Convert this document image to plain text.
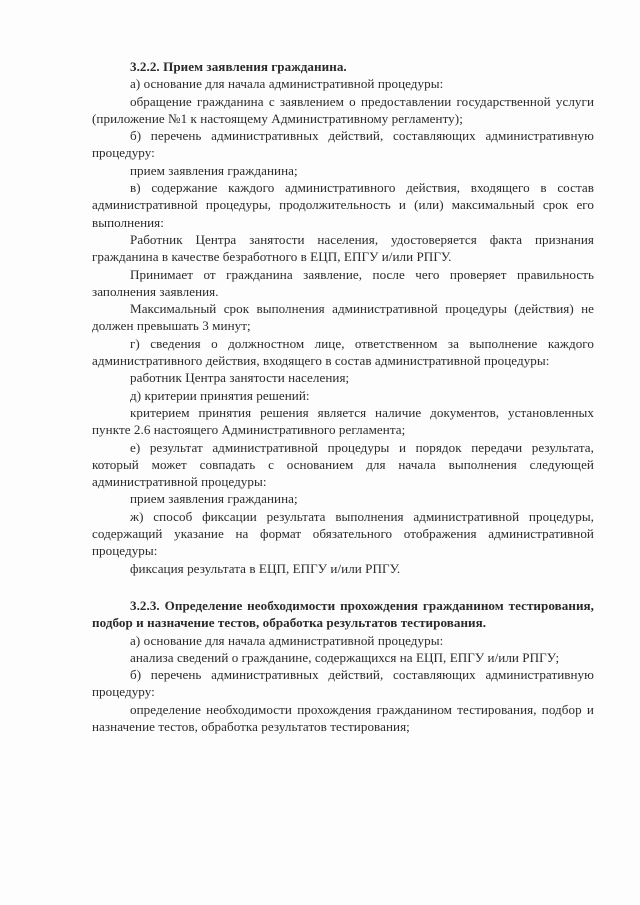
3.2.2. Прием заявления гражданина.

а) основание для начала административной процедуры:

обращение гражданина с заявлением о предоставлении государственной услуги (приложение №1 к настоящему Административному регламенту);

б) перечень административных действий, составляющих административную процедуру:

прием заявления гражданина;

в) содержание каждого административного действия, входящего в состав административной процедуры, продолжительность и (или) максимальный срок его выполнения:

Работник Центра занятости населения, удостоверяется факта признания гражданина в качестве безработного в ЕЦП, ЕПГУ и/или РПГУ.

Принимает от гражданина заявление, после чего проверяет правильность заполнения заявления.

Максимальный срок выполнения административной процедуры (действия) не должен превышать 3 минут;

г) сведения о должностном лице, ответственном за выполнение каждого административного действия, входящего в состав административной процедуры:

работник Центра занятости населения;

д) критерии принятия решений:

критерием принятия решения является наличие документов, установленных пункте 2.6 настоящего Административного регламента;

е) результат административной процедуры и порядок передачи результата, который может совпадать с основанием для начала выполнения следующей административной процедуры:

прием заявления гражданина;

ж) способ фиксации результата выполнения административной процедуры, содержащий указание на формат обязательного отображения административной процедуры:

фиксация результата в ЕЦП, ЕПГУ и/или РПГУ.

3.2.3. Определение необходимости прохождения гражданином тестирования, подбор и назначение тестов, обработка результатов тестирования.

а) основание для начала административной процедуры:

анализа сведений о гражданине, содержащихся на ЕЦП, ЕПГУ и/или РПГУ;

б) перечень административных действий, составляющих административную процедуру:

определение необходимости прохождения гражданином тестирования, подбор и назначение тестов, обработка результатов тестирования;
